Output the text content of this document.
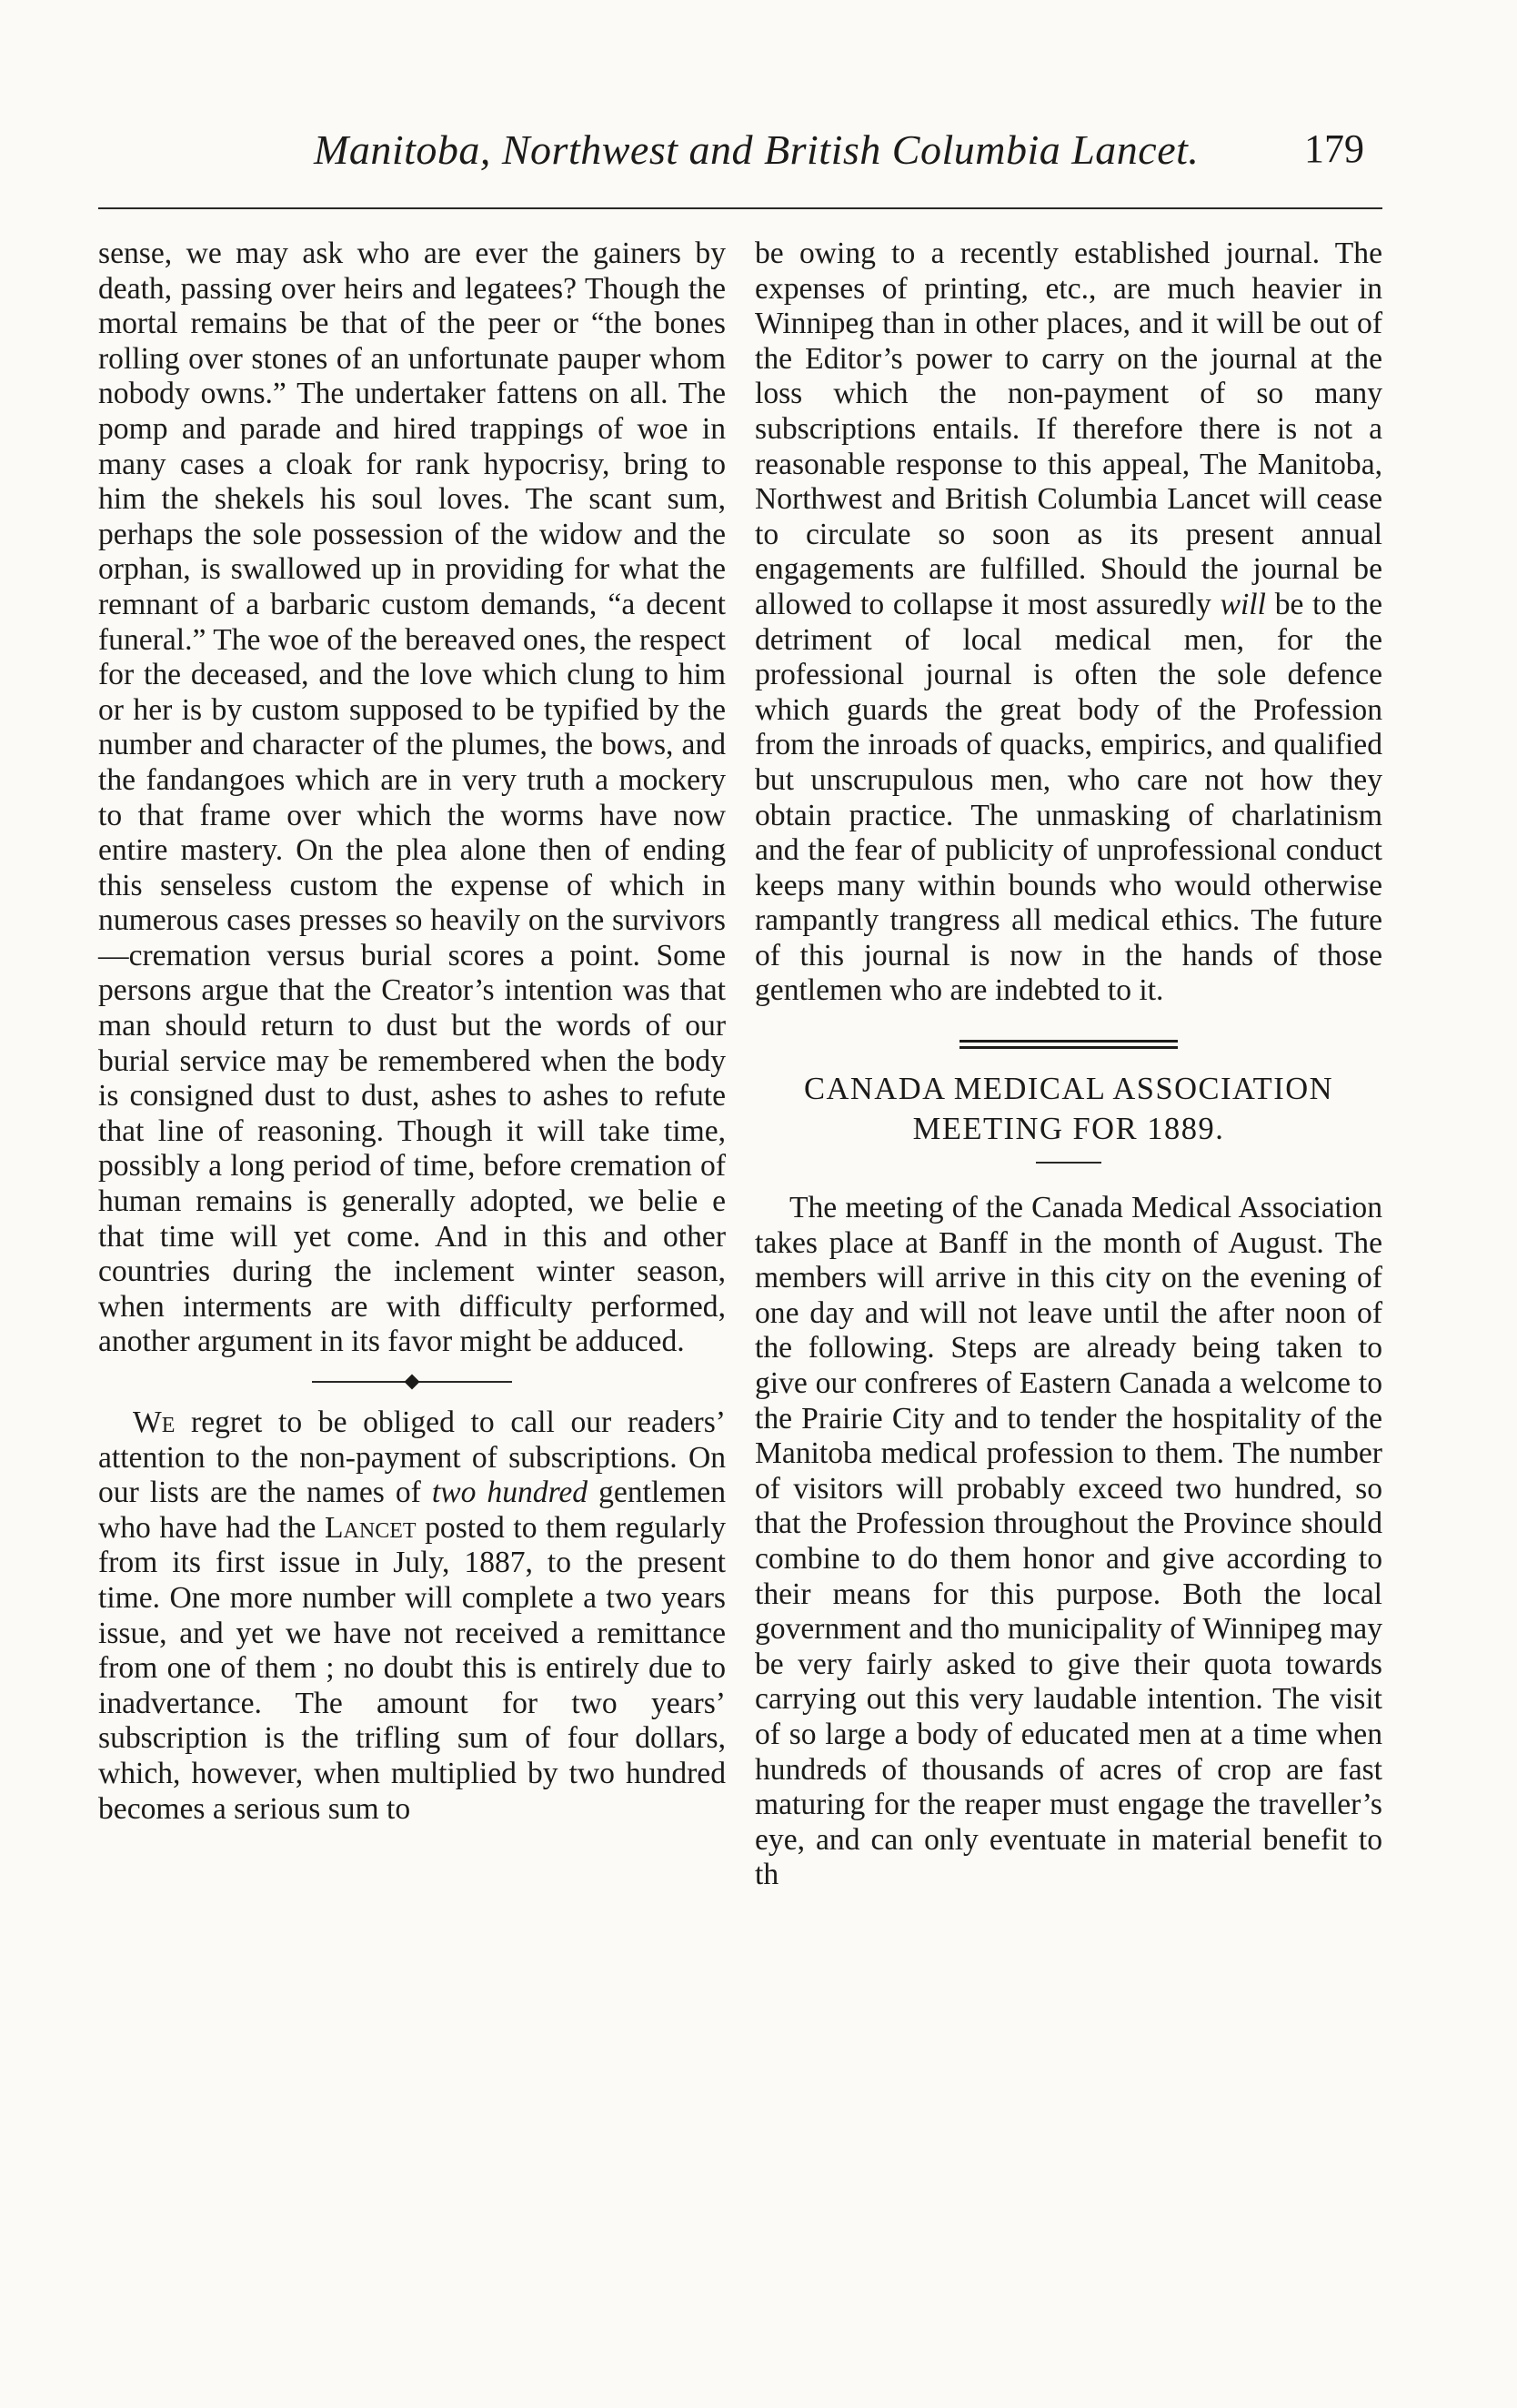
Manitoba, Northwest and British Columbia Lancet.	179

sense, we may ask who are ever the gainers by death, passing over heirs and legatees? Though the mortal remains be that of the peer or “the bones rolling over stones of an unfortunate pauper whom nobody owns.” The undertaker fattens on all. The pomp and parade and hired trappings of woe in many cases a cloak for rank hypocrisy, bring to him the shekels his soul loves. The scant sum, perhaps the sole possession of the widow and the orphan, is swallowed up in providing for what the remnant of a barbaric custom demands, “a decent funeral.” The woe of the bereaved ones, the respect for the deceased, and the love which clung to him or her is by custom supposed to be typified by the number and character of the plumes, the bows, and the fandangoes which are in very truth a mockery to that frame over which the worms have now entire mastery. On the plea alone then of ending this senseless custom the expense of which in numerous cases presses so heavily on the survivors—cremation versus burial scores a point. Some persons argue that the Creator’s intention was that man should return to dust but the words of our burial service may be remembered when the body is consigned dust to dust, ashes to ashes to refute that line of reasoning. Though it will take time, possibly a long period of time, before cremation of human remains is generally adopted, we belie e that time will yet come. And in this and other countries during the inclement winter season, when interments are with difficulty performed, another argument in its favor might be adduced.

We regret to be obliged to call our readers’ attention to the non-payment of subscriptions. On our lists are the names of two hundred gentlemen who have had the Lancet posted to them regularly from its first issue in July, 1887, to the present time. One more number will complete a two years issue, and yet we have not received a remittance from one of them ; no doubt this is entirely due to inadvertance. The amount for two years’ subscription is the trifling sum of four dollars, which, however, when multiplied by two hundred becomes a serious sum to

be owing to a recently established journal. The expenses of printing, etc., are much heavier in Winnipeg than in other places, and it will be out of the Editor’s power to carry on the journal at the loss which the non-payment of so many subscriptions entails. If therefore there is not a reasonable response to this appeal, The Manitoba, Northwest and British Columbia Lancet will cease to circulate so soon as its present annual engagements are fulfilled. Should the journal be allowed to collapse it most assuredly will be to the detriment of local medical men, for the professional journal is often the sole defence which guards the great body of the Profession from the inroads of quacks, empirics, and qualified but unscrupulous men, who care not how they obtain practice. The unmasking of charlatinism and the fear of publicity of unprofessional conduct keeps many within bounds who would otherwise rampantly trangress all medical ethics. The future of this journal is now in the hands of those gentlemen who are indebted to it.

CANADA MEDICAL ASSOCIATION
MEETING FOR 1889.

The meeting of the Canada Medical Association takes place at Banff in the month of August. The members will arrive in this city on the evening of one day and will not leave until the after noon of the following. Steps are already being taken to give our confreres of Eastern Canada a welcome to the Prairie City and to tender the hospitality of the Manitoba medical profession to them. The number of visitors will probably exceed two hundred, so that the Profession throughout the Province should combine to do them honor and give according to their means for this purpose. Both the local government and tho municipality of Winnipeg may be very fairly asked to give their quota towards carrying out this very laudable intention. The visit of so large a body of educated men at a time when hundreds of thousands of acres of crop are fast maturing for the reaper must engage the traveller’s eye, and can only eventuate in material benefit to th
